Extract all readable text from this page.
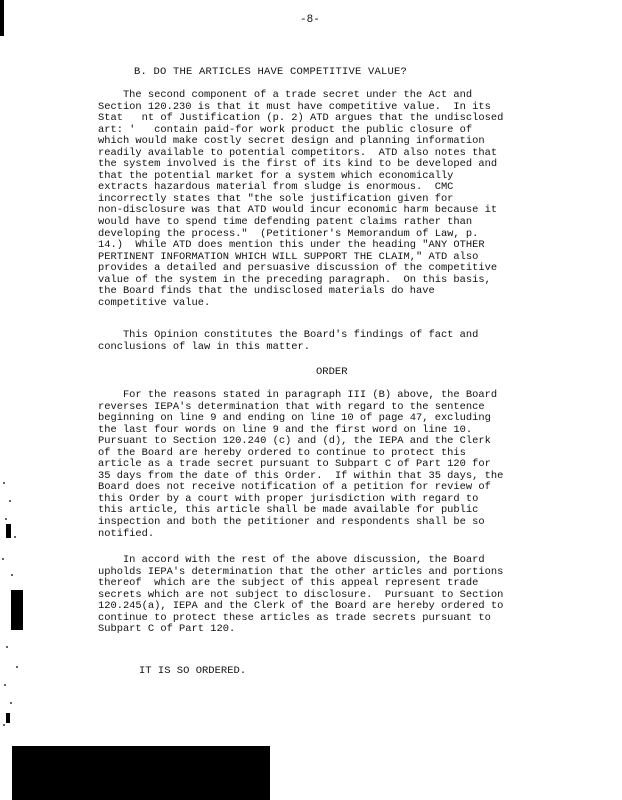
-8-
B. DO THE ARTICLES HAVE COMPETITIVE VALUE?
The second component of a trade secret under the Act and
Section 120.230 is that it must have competitive value.  In its
Stat   nt of Justification (p. 2) ATD argues that the undisclosed
art: '   contain paid-for work product the public closure of
which would make costly secret design and planning information
readily available to potential competitors.  ATD also notes that
the system involved is the first of its kind to be developed and
that the potential market for a system which economically
extracts hazardous material from sludge is enormous.  CMC
incorrectly states that "the sole justification given for
non-disclosure was that ATD would incur economic harm because it
would have to spend time defending patent claims rather than
developing the process."  (Petitioner's Memorandum of Law, p.
14.)  While ATD does mention this under the heading "ANY OTHER
PERTINENT INFORMATION WHICH WILL SUPPORT THE CLAIM," ATD also
provides a detailed and persuasive discussion of the competitive
value of the system in the preceding paragraph.  On this basis,
the Board finds that the undisclosed materials do have
competitive value.
This Opinion constitutes the Board's findings of fact and
conclusions of law in this matter.
ORDER
For the reasons stated in paragraph III (B) above, the Board
reverses IEPA's determination that with regard to the sentence
beginning on line 9 and ending on line 10 of page 47, excluding
the last four words on line 9 and the first word on line 10.
Pursuant to Section 120.240 (c) and (d), the IEPA and the Clerk
of the Board are hereby ordered to continue to protect this
article as a trade secret pursuant to Subpart C of Part 120 for
35 days from the date of this Order.  If within that 35 days, the
Board does not receive notification of a petition for review of
this Order by a court with proper jurisdiction with regard to
this article, this article shall be made available for public
inspection and both the petitioner and respondents shall be so
notified.
In accord with the rest of the above discussion, the Board
upholds IEPA's determination that the other articles and portions
thereof  which are the subject of this appeal represent trade
secrets which are not subject to disclosure.  Pursuant to Section
120.245(a), IEPA and the Clerk of the Board are hereby ordered to
continue to protect these articles as trade secrets pursuant to
Subpart C of Part 120.
IT IS SO ORDERED.
